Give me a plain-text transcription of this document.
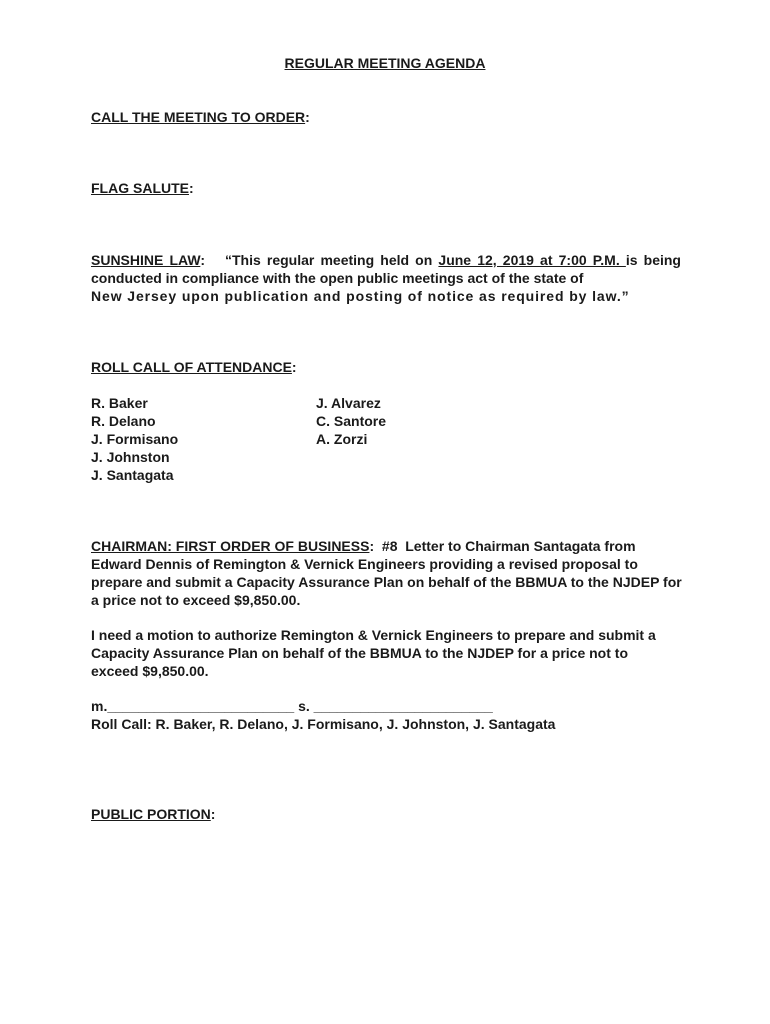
REGULAR MEETING AGENDA
CALL THE MEETING TO ORDER:
FLAG SALUTE:
SUNSHINE LAW: “This regular meeting held on June 12, 2019 at 7:00 P.M. is being conducted in compliance with the open public meetings act of the state of
New Jersey upon publication and posting of notice as required by law.”
ROLL CALL OF ATTENDANCE:
R. Baker
R. Delano
J. Formisano
J. Johnston
J. Santagata
J. Alvarez
C. Santore
A. Zorzi
CHAIRMAN: FIRST ORDER OF BUSINESS:  #8  Letter to Chairman Santagata from Edward Dennis of Remington & Vernick Engineers providing a revised proposal to prepare and submit a Capacity Assurance Plan on behalf of the BBMUA to the NJDEP for a price not to exceed $9,850.00.
I need a motion to authorize Remington & Vernick Engineers to prepare and submit a Capacity Assurance Plan on behalf of the BBMUA to the NJDEP for a price not to exceed $9,850.00.
m.________________________ s. _______________________
Roll Call: R. Baker, R. Delano, J. Formisano, J. Johnston, J. Santagata
PUBLIC PORTION:
